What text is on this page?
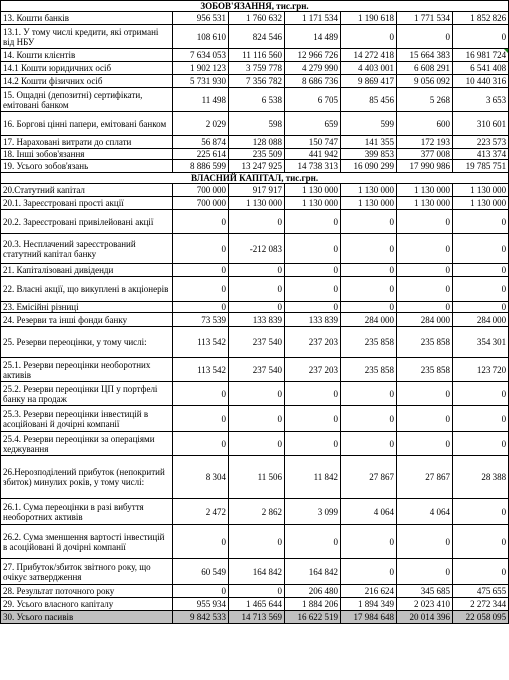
ЗОБОВ'ЯЗАННЯ, тис.грн.						
13. Кошти банків	956 531	1 760 632	1 171 534	1 190 618	1 771 534	1 852 826
13.1. У тому числі кредити, які отримані від НБУ	108 610	824 546	14 489	0	0	0
14. Кошти клієнтів	7 634 053	11 116 560	12 966 726	14 272 418	15 664 383	16 981 724
14.1 Кошти юридичних осіб	1 902 123	3 759 778	4 279 990	4 403 001	6 608 291	6 541 408
14.2 Кошти фізичних осіб	5 731 930	7 356 782	8 686 736	9 869 417	9 056 092	10 440 316
15. Ощадні (депозитні) сертифікати, емітовані банком	11 498	6 538	6 705	85 456	5 268	3 653
16. Боргові цінні папери, емітовані банком	2 029	598	659	599	600	310 601
17. Нараховані витрати до сплати	56 874	128 088	150 747	141 355	172 193	223 573
18. Інші зобов'язання	225 614	235 509	441 942	399 853	377 008	413 374
19. Усього зобов'язань	8 886 599	13 247 925	14 738 313	16 090 299	17 990 986	19 785 751
ВЛАСНИЙ КАПІТАЛ, тис.грн.						
20.Статутний капітал	700 000	917 917	1 130 000	1 130 000	1 130 000	1 130 000
20.1. Зареєстровані прості акції	700 000	1 130 000	1 130 000	1 130 000	1 130 000	1 130 000
20.2. Зареєстровані привілейовані акції	0	0	0	0	0	0
20.3. Несплачений зареєстрований статутний капітал банку	0	-212 083	0	0	0	0
21. Капіталізовані дивіденди	0	0	0	0	0	0
22. Власні акції, що викуплені в акціонерів	0	0	0	0	0	0
23. Емісійні різниці	0	0	0	0	0	0
24. Резерви та інші фонди банку	73 539	133 839	133 839	284 000	284 000	284 000
25. Резерви переоцінки, у тому числі:	113 542	237 540	237 203	235 858	235 858	354 301
25.1. Резерви переоцінки необоротних активів	113 542	237 540	237 203	235 858	235 858	123 720
25.2. Резерви переоцінки ЦП у портфелі банку на продаж	0	0	0	0	0	0
25.3. Резерви переоцінки інвестицій в асоційовані й дочірні компанії	0	0	0	0	0	0
25.4. Резерви переоцінки за операціями хеджування	0	0	0	0	0	0
26.Нерозподілений прибуток (непокритий збиток) минулих років, у тому числі:	8 304	11 506	11 842	27 867	27 867	28 388
26.1. Сума переоцінки в разі вибуття необоротних активів	2 472	2 862	3 099	4 064	4 064	0
26.2. Сума зменшення вартості інвестицій в асоційовані й дочірні компанії	0	0	0	0	0	0
27. Прибуток/збиток звітного року, що очікує затвердження	60 549	164 842	164 842	0	0	0
28. Результат поточного року	0	0	206 480	216 624	345 685	475 655
29. Усього власного капіталу	955 934	1 465 644	1 884 206	1 894 349	2 023 410	2 272 344
30. Усього пасивів	9 842 533	14 713 569	16 622 519	17 984 648	20 014 396	22 058 095
